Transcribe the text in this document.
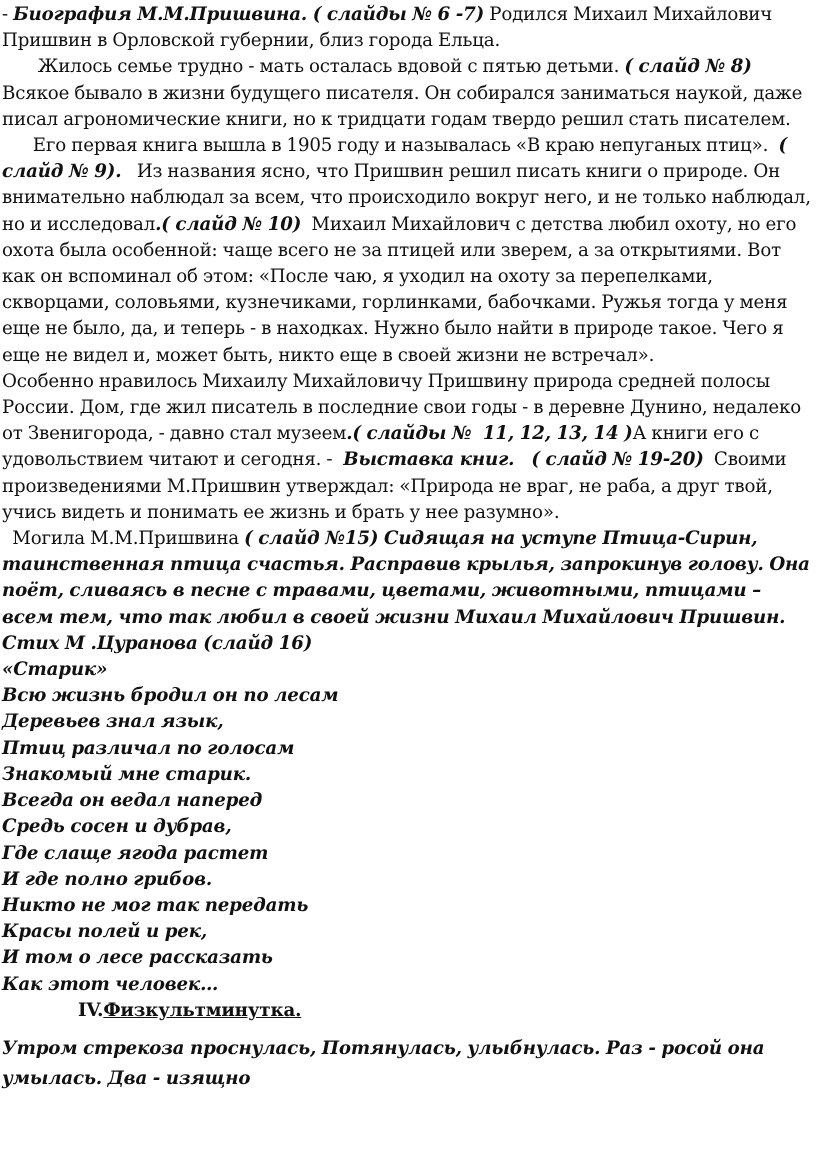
- Биография М.М.Пришвина. ( слайды № 6 -7) Родился Михаил Михайлович Пришвин в Орловской губернии, близ города Ельца.

Жилось семье трудно - мать осталась вдовой с пятью детьми. ( слайд № 8) Всякое бывало в жизни будущего писателя. Он собирался заниматься наукой, даже писал агрономические книги, но к тридцати годам твердо решил стать писателем.

Его первая книга вышла в 1905 году и называлась «В краю непуганых птиц».  ( слайд № 9).   Из названия ясно, что Пришвин решил писать книги о природе. Он внимательно наблюдал за всем, что происходило вокруг него, и не только наблюдал, но и исследовал.( слайд № 10)  Михаил Михайлович с детства любил охоту, но его охота была особенной: чаще всего не за птицей или зверем, а за открытиями. Вот как он вспоминал об этом: «После чаю, я уходил на охоту за перепелками, скворцами, соловьями, кузнечиками, горлинками, бабочками. Ружья тогда у меня еще не было, да, и теперь - в находках. Нужно было найти в природе такое. Чего я еще не видел и, может быть, никто еще в своей жизни не встречал».

Особенно нравилось Михаилу Михайловичу Пришвину природа средней полосы России. Дом, где жил писатель в последние свои годы - в деревне Дунино, недалеко от Звенигорода, - давно стал музеем.( слайды №  11, 12, 13, 14 )А книги его с удовольствием читают и сегодня. -  Выставка книг.   ( слайд № 19-20)  Своими произведениями М.Пришвин утверждал: «Природа не враг, не раба, а друг твой, учись видеть и понимать ее жизнь и брать у нее разумно».

Могила М.М.Пришвина ( слайд №15) Сидящая на уступе Птица-Сирин, таинственная птица счастья. Расправив крылья, запрокинув голову. Она поёт, сливаясь в песне с травами, цветами, животными, птицами – всем тем, что так любил в своей жизни Михаил Михайлович Пришвин.

Стих М .Цуранова (слайд 16)

«Старик»

Всю жизнь бродил он по лесам

Деревьев знал язык,

Птиц различал по голосам

Знакомый мне старик.

Всегда он ведал наперед

Средь сосен и дубрав,

Где слаще ягода растет

И где полно грибов.

Никто не мог так передать

Красы полей и рек,

И том о лесе рассказать

Как этот человек…

IV.Физкультминутка.

Утром стрекоза проснулась, Потянулась, улыбнулась. Раз - росой она умылась. Два - изящно
